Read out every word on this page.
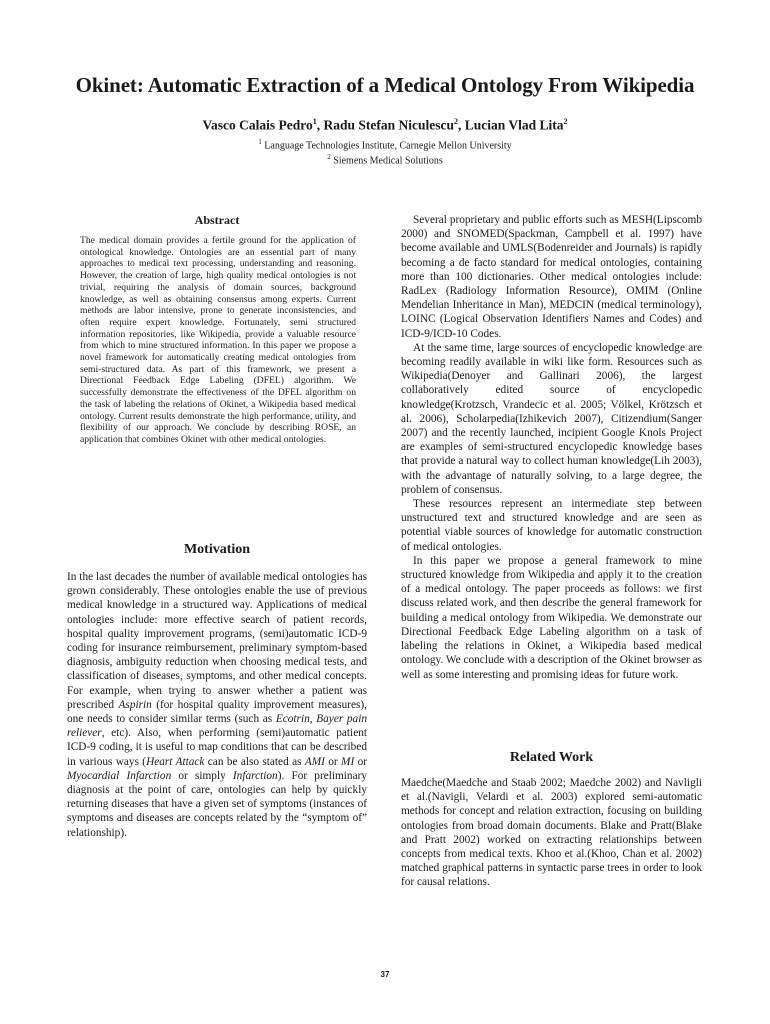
Okinet: Automatic Extraction of a Medical Ontology From Wikipedia
Vasco Calais Pedro$^1$, Radu Stefan Niculescu$^2$, Lucian Vlad Lita$^2$
$^1$ Language Technologies Institute, Carnegie Mellon University
$^2$ Siemens Medical Solutions
Abstract
The medical domain provides a fertile ground for the application of ontological knowledge. Ontologies are an essential part of many approaches to medical text processing, understanding and reasoning. However, the creation of large, high quality medical ontologies is not trivial, requiring the analysis of domain sources, background knowledge, as well as obtaining consensus among experts. Current methods are labor intensive, prone to generate inconsistencies, and often require expert knowledge. Fortunately, semi structured information repositories, like Wikipedia, provide a valuable resource from which to mine structured information. In this paper we propose a novel framework for automatically creating medical ontologies from semi-structured data. As part of this framework, we present a Directional Feedback Edge Labeling (DFEL) algorithm. We successfully demonstrate the effectiveness of the DFEL algorithm on the task of labeling the relations of Okinet, a Wikipedia based medical ontology. Current results demonstrate the high performance, utility, and flexibility of our approach. We conclude by describing ROSE, an application that combines Okinet with other medical ontologies.
Motivation
In the last decades the number of available medical ontologies has grown considerably. These ontologies enable the use of previous medical knowledge in a structured way. Applications of medical ontologies include: more effective search of patient records, hospital quality improvement programs, (semi)automatic ICD-9 coding for insurance reimbursement, preliminary symptom-based diagnosis, ambiguity reduction when choosing medical tests, and classification of diseases, symptoms, and other medical concepts. For example, when trying to answer whether a patient was prescribed Aspirin (for hospital quality improvement measures), one needs to consider similar terms (such as Ecotrin, Bayer pain reliever, etc). Also, when performing (semi)automatic patient ICD-9 coding, it is useful to map conditions that can be described in various ways (Heart Attack can be also stated as AMI or MI or Myocardial Infarction or simply Infarction). For preliminary diagnosis at the point of care, ontologies can help by quickly returning diseases that have a given set of symptoms (instances of symptoms and diseases are concepts related by the “symptom of” relationship).

Several proprietary and public efforts such as MESH(Lipscomb 2000) and SNOMED(Spackman, Campbell et al. 1997) have become available and UMLS(Bodenreider and Journals) is rapidly becoming a de facto standard for medical ontologies, containing more than 100 dictionaries. Other medical ontologies include: RadLex (Radiology Information Resource), OMIM (Online Mendelian Inheritance in Man), MEDCIN (medical terminology), LOINC (Logical Observation Identifiers Names and Codes) and ICD-9/ICD-10 Codes.

At the same time, large sources of encyclopedic knowledge are becoming readily available in wiki like form. Resources such as Wikipedia(Denoyer and Gallinari 2006), the largest collaboratively edited source of encyclopedic knowledge(Krotzsch, Vrandecic et al. 2005; Völkel, Krötzsch et al. 2006), Scholarpedia(Izhikevich 2007), Citizendium(Sanger 2007) and the recently launched, incipient Google Knols Project are examples of semi-structured encyclopedic knowledge bases that provide a natural way to collect human knowledge(Lih 2003), with the advantage of naturally solving, to a large degree, the problem of consensus.

These resources represent an intermediate step between unstructured text and structured knowledge and are seen as potential viable sources of knowledge for automatic construction of medical ontologies.

In this paper we propose a general framework to mine structured knowledge from Wikipedia and apply it to the creation of a medical ontology. The paper proceeds as follows: we first discuss related work, and then describe the general framework for building a medical ontology from Wikipedia. We demonstrate our Directional Feedback Edge Labeling algorithm on a task of labeling the relations in Okinet, a Wikipedia based medical ontology. We conclude with a description of the Okinet browser as well as some interesting and promising ideas for future work.

Related Work
Maedche(Maedche and Staab 2002; Maedche 2002) and Navligli et al.(Navigli, Velardi et al. 2003) explored semi-automatic methods for concept and relation extraction, focusing on building ontologies from broad domain documents. Blake and Pratt(Blake and Pratt 2002) worked on extracting relationships between concepts from medical texts. Khoo et al.(Khoo, Chan et al. 2002) matched graphical patterns in syntactic parse trees in order to look for causal relations.
37
